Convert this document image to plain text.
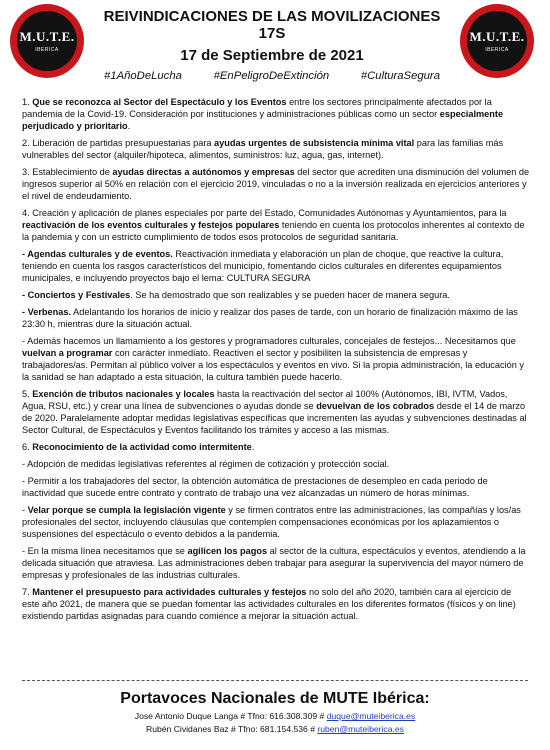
M.U.T.E.
IBERICA
M.U.T.E.
IBERICA
REIVINDICACIONES DE LAS MOVILIZACIONES 17S
17 de Septiembre de 2021
#1AñoDeLucha	#EnPeligroDeExtinción	#CulturaSegura

1. Que se reconozca al Sector del Espectáculo y los Eventos entre los sectores principalmente afectados por la pandemia de la Covid-19. Consideración por instituciones y administraciones públicas como un sector especialmente perjudicado y prioritario.

2. Liberación de partidas presupuestarias para ayudas urgentes de subsistencia mínima vital para las familias más vulnerables del sector (alquiler/hipoteca, alimentos, suministros: luz, agua, gas, internet).

3. Establecimiento de ayudas directas a autónomos y empresas del sector que acrediten una disminución del volumen de ingresos superior al 50% en relación con el ejercicio 2019, vinculadas o no a la inversión realizada en ejercicios anteriores y el nivel de endeudamiento.

4. Creación y aplicación de planes especiales por parte del Estado, Comunidades Autónomas y Ayuntamientos, para la reactivación de los eventos culturales y festejos populares teniendo en cuenta los protocolos inherentes al contexto de la pandemia y con un estricto cumplimiento de todos esos protocolos de seguridad sanitaria.

- Agendas culturales y de eventos. Reactivación inmediata y elaboración un plan de choque, que reactive la cultura, teniendo en cuenta los rasgos característicos del municipio, fomentando ciclos culturales en diferentes equipamientos municipales, e incluyendo proyectos bajo el lema: CULTURA SEGURA

- Conciertos y Festivales. Se ha demostrado que son realizables y se pueden hacer de manera segura.

- Verbenas. Adelantando los horarios de inicio y realizar dos pases de tarde, con un horario de finalización máximo de las 23:30 h, mientras dure la situación actual.

- Además hacemos un llamamiento a los gestores y programadores culturales, concejales de festejos... Necesitamos que vuelvan a programar con carácter inmediato. Reactiven el sector y posibiliten la subsistencia de empresas y trabajadores/as. Permitan al público volver a los espectáculos y eventos en vivo. Si la propia administración, la educación y la sanidad se han adaptado a esta situación, la cultura también puede hacerlo.

5. Exención de tributos nacionales y locales hasta la reactivación del sector al 100% (Autónomos, IBI, IVTM, Vados, Agua, RSU, etc.) y crear una línea de subvenciones o ayudas donde se devuelvan de los cobrados desde el 14 de marzo de 2020. Paralelamente adoptar medidas legislativas específicas que incrementen las ayudas y subvenciones destinadas al Sector Cultural, de Espectáculos y Eventos facilitando los trámites y acceso a las mismas.

6. Reconocimiento de la actividad como intermitente.

- Adopción de medidas legislativas referentes al régimen de cotización y protección social.

- Permitir a los trabajadores del sector, la obtención automática de prestaciones de desempleo en cada periodo de inactividad que sucede entre contrato y contrato de trabajo una vez alcanzadas un número de horas mínimas.

- Velar porque se cumpla la legislación vigente y se firmen contratos entre las administraciones, las compañías y los/as profesionales del sector, incluyendo cláusulas que contemplen compensaciones económicas por los aplazamientos o suspensiones del espectáculo o evento debidos a la pandemia.

- En la misma línea necesitamos que se agilicen los pagos al sector de la cultura, espectáculos y eventos, atendiendo a la delicada situación que atraviesa. Las administraciones deben trabajar para asegurar la supervivencia del mayor número de empresas y profesionales de las industrias culturales.

7. Mantener el presupuesto para actividades culturales y festejos no solo del año 2020, también cara al ejercicio de este año 2021, de manera que se puedan fomentar las actividades culturales en los diferentes formatos (físicos y on line) existiendo partidas asignadas para cuando comience a mejorar la situación actual.

Portavoces Nacionales de MUTE Ibérica:
Jose Antonio Duque Langa # Tfno: 616.308.309 # duque@muteiberica.es
Rubén Cividanes Baz # Tfno: 681.154.536 # ruben@muteiberica.es
